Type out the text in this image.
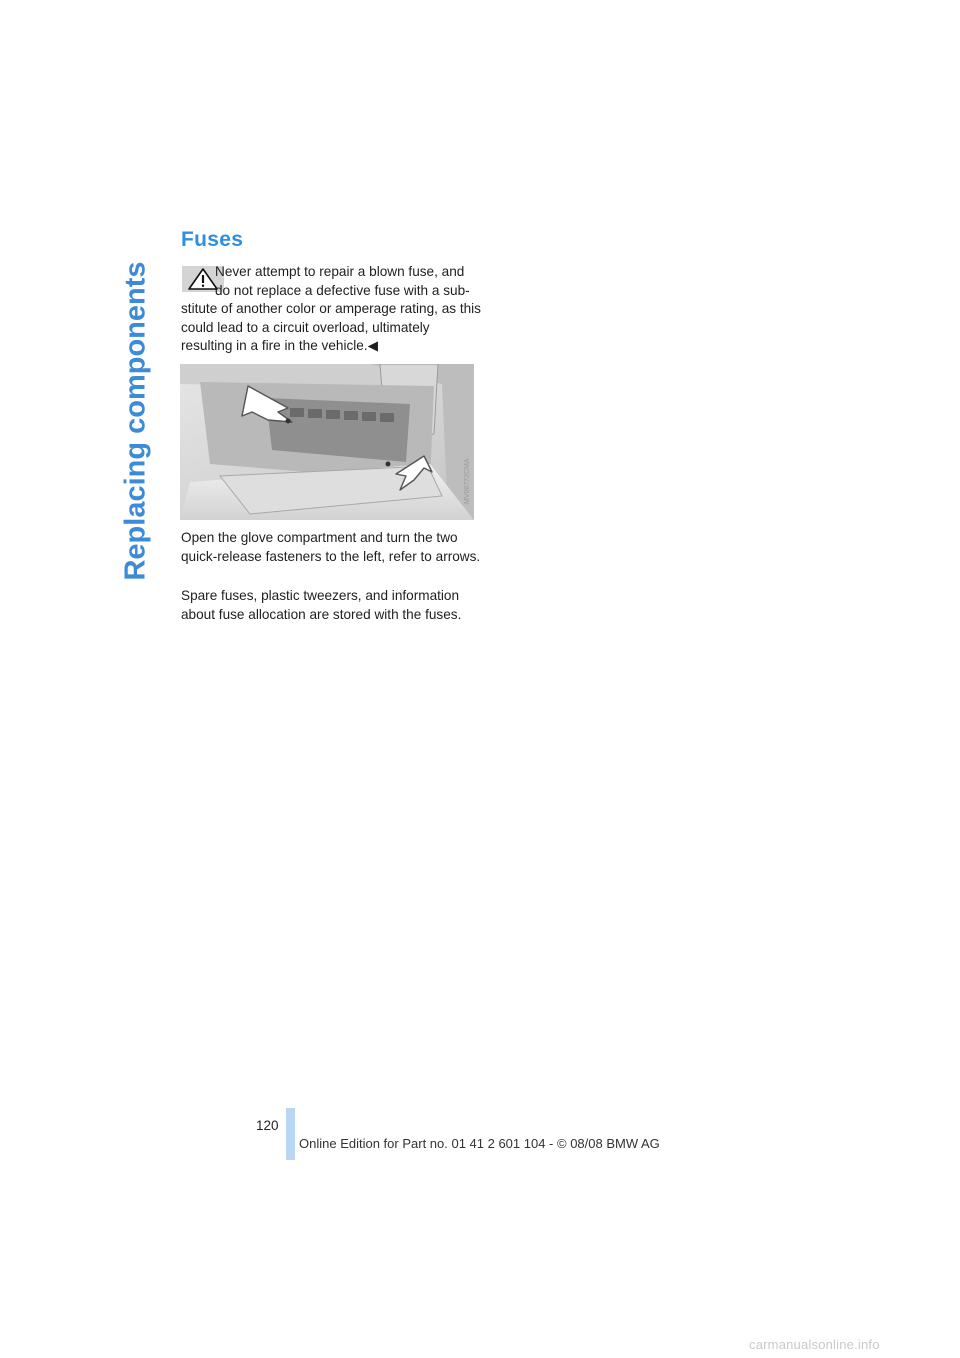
Replacing components
Fuses

Never attempt to repair a blown fuse, and
do not replace a defective fuse with a sub-
stitute of another color or amperage rating, as this could lead to a circuit overload, ultimately resulting in a fire in the vehicle.◀

MV06772CMA

Open the glove compartment and turn the two quick-release fasteners to the left, refer to arrows.

Spare fuses, plastic tweezers, and information about fuse allocation are stored with the fuses.

120
Online Edition for Part no. 01 41 2 601 104 - © 08/08 BMW AG
carmanualsonline.info
